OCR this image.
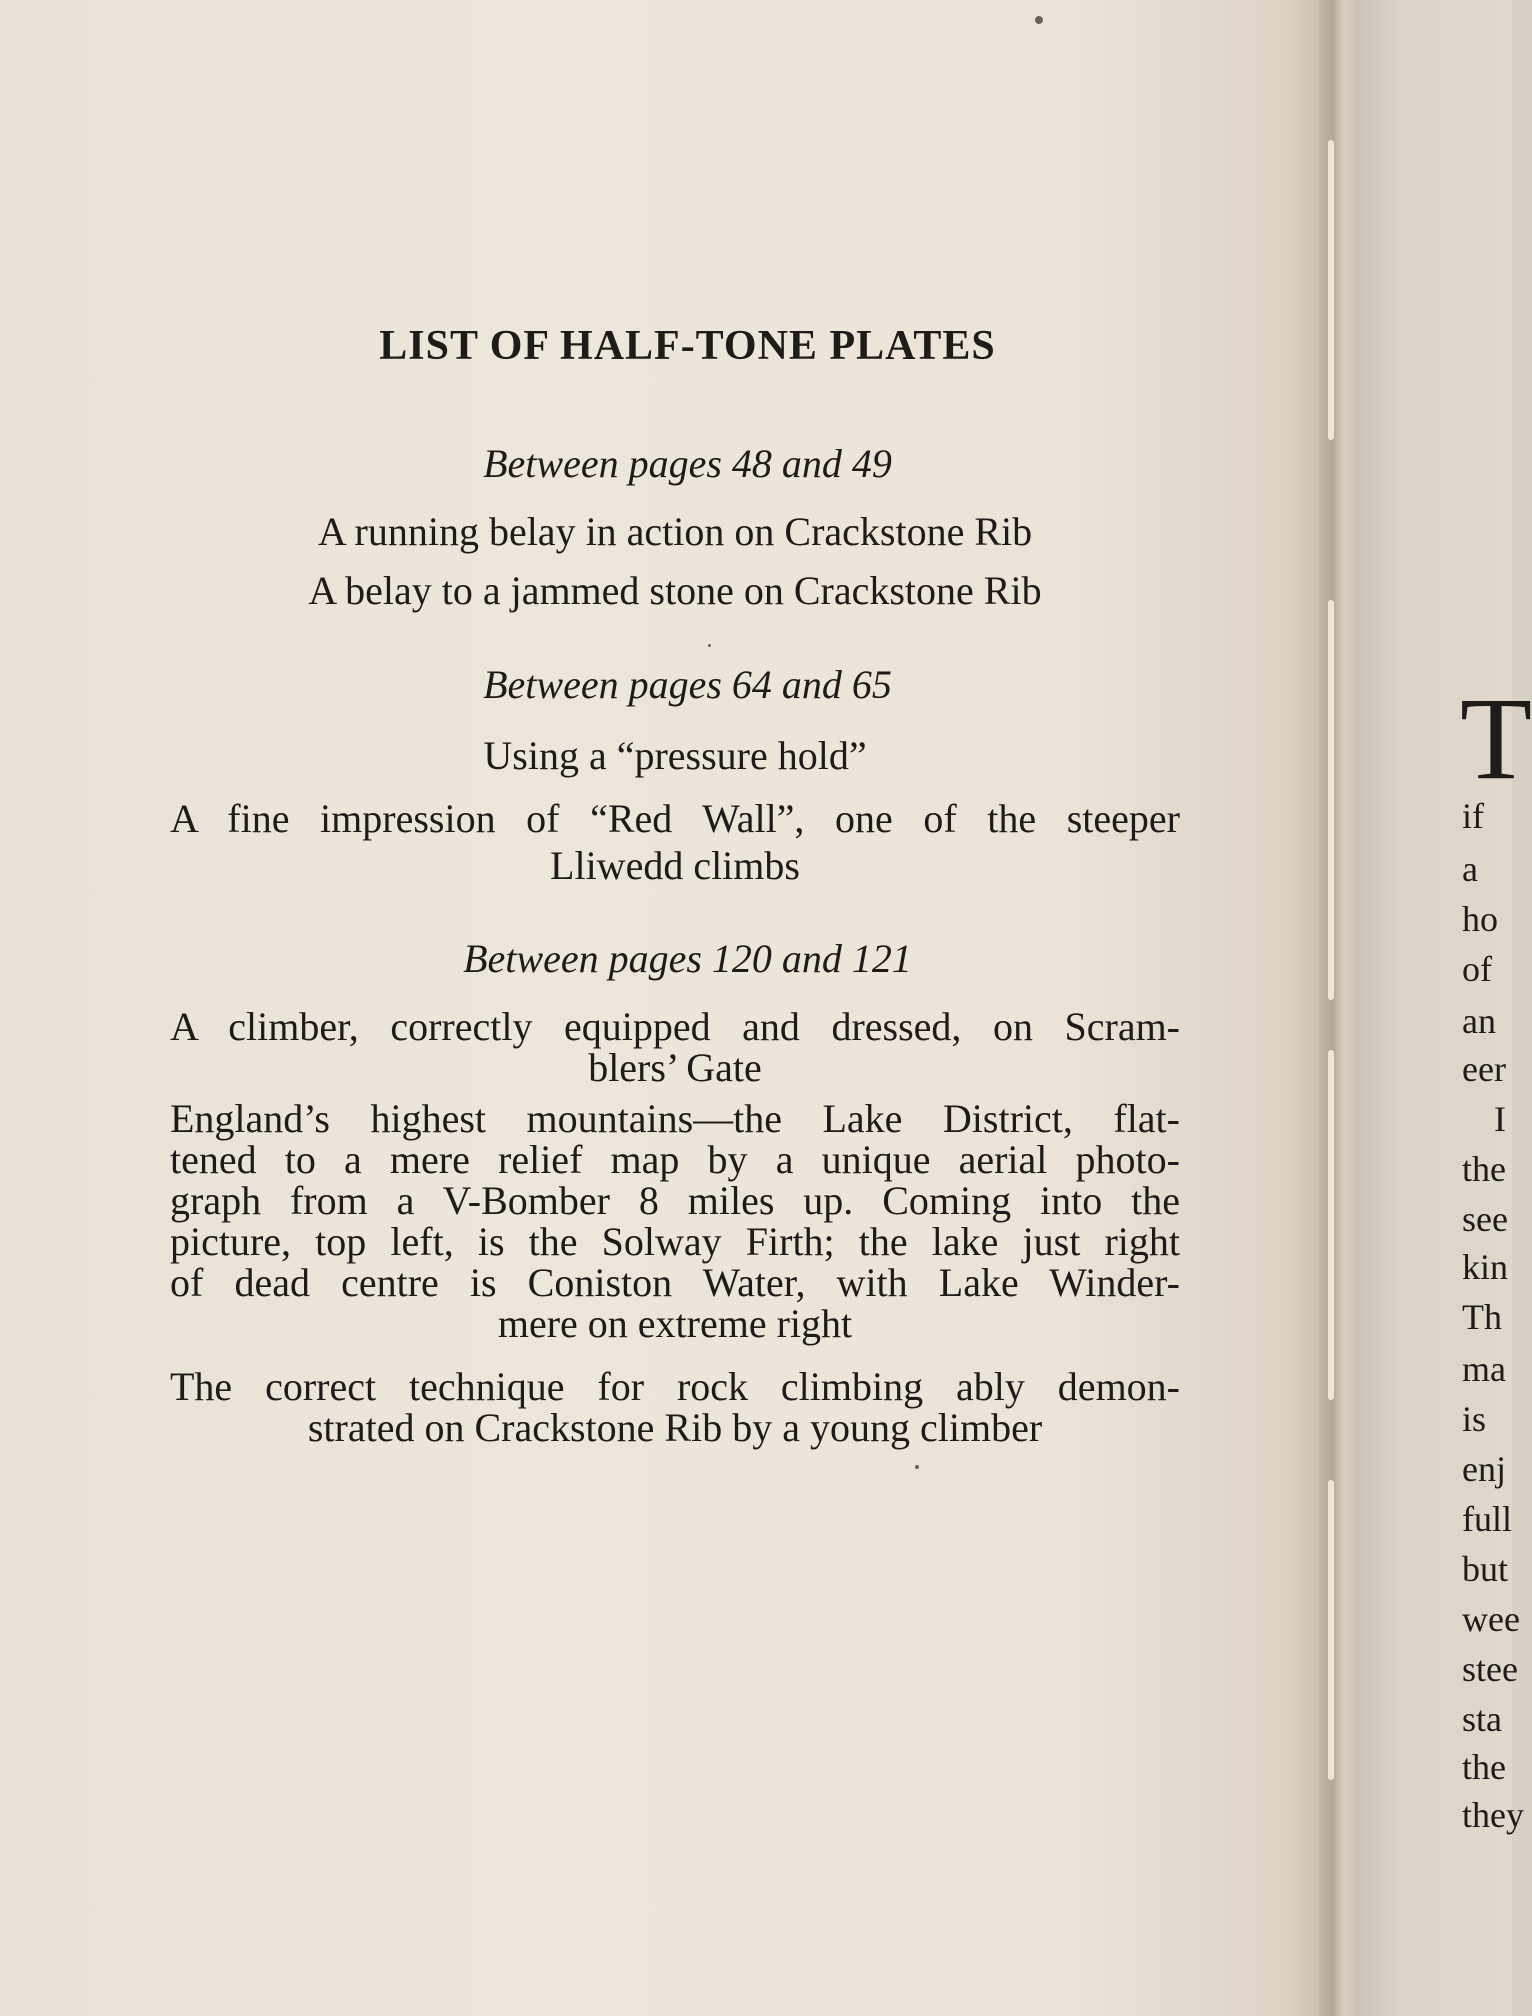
LIST OF HALF-TONE PLATES
Between pages 48 and 49
A running belay in action on Crackstone Rib
A belay to a jammed stone on Crackstone Rib
Between pages 64 and 65
Using a “pressure hold”
A fine impression of “Red Wall”, one of the steeper
Lliwedd climbs
Between pages 120 and 121
A climber, correctly equipped and dressed, on Scram-
blers’ Gate
England’s highest mountains—the Lake District, flat-
tened to a mere relief map by a unique aerial photo-
graph from a V-Bomber 8 miles up. Coming into the
picture, top left, is the Solway Firth; the lake just right
of dead centre is Coniston Water, with Lake Winder-
mere on extreme right
The correct technique for rock climbing ably demon-
strated on Crackstone Rib by a young climber
T
if
a
ho
of
an
eer
I
the
see
kin
Th
ma
is
enj
full
but
wee
stee
sta
the
they
